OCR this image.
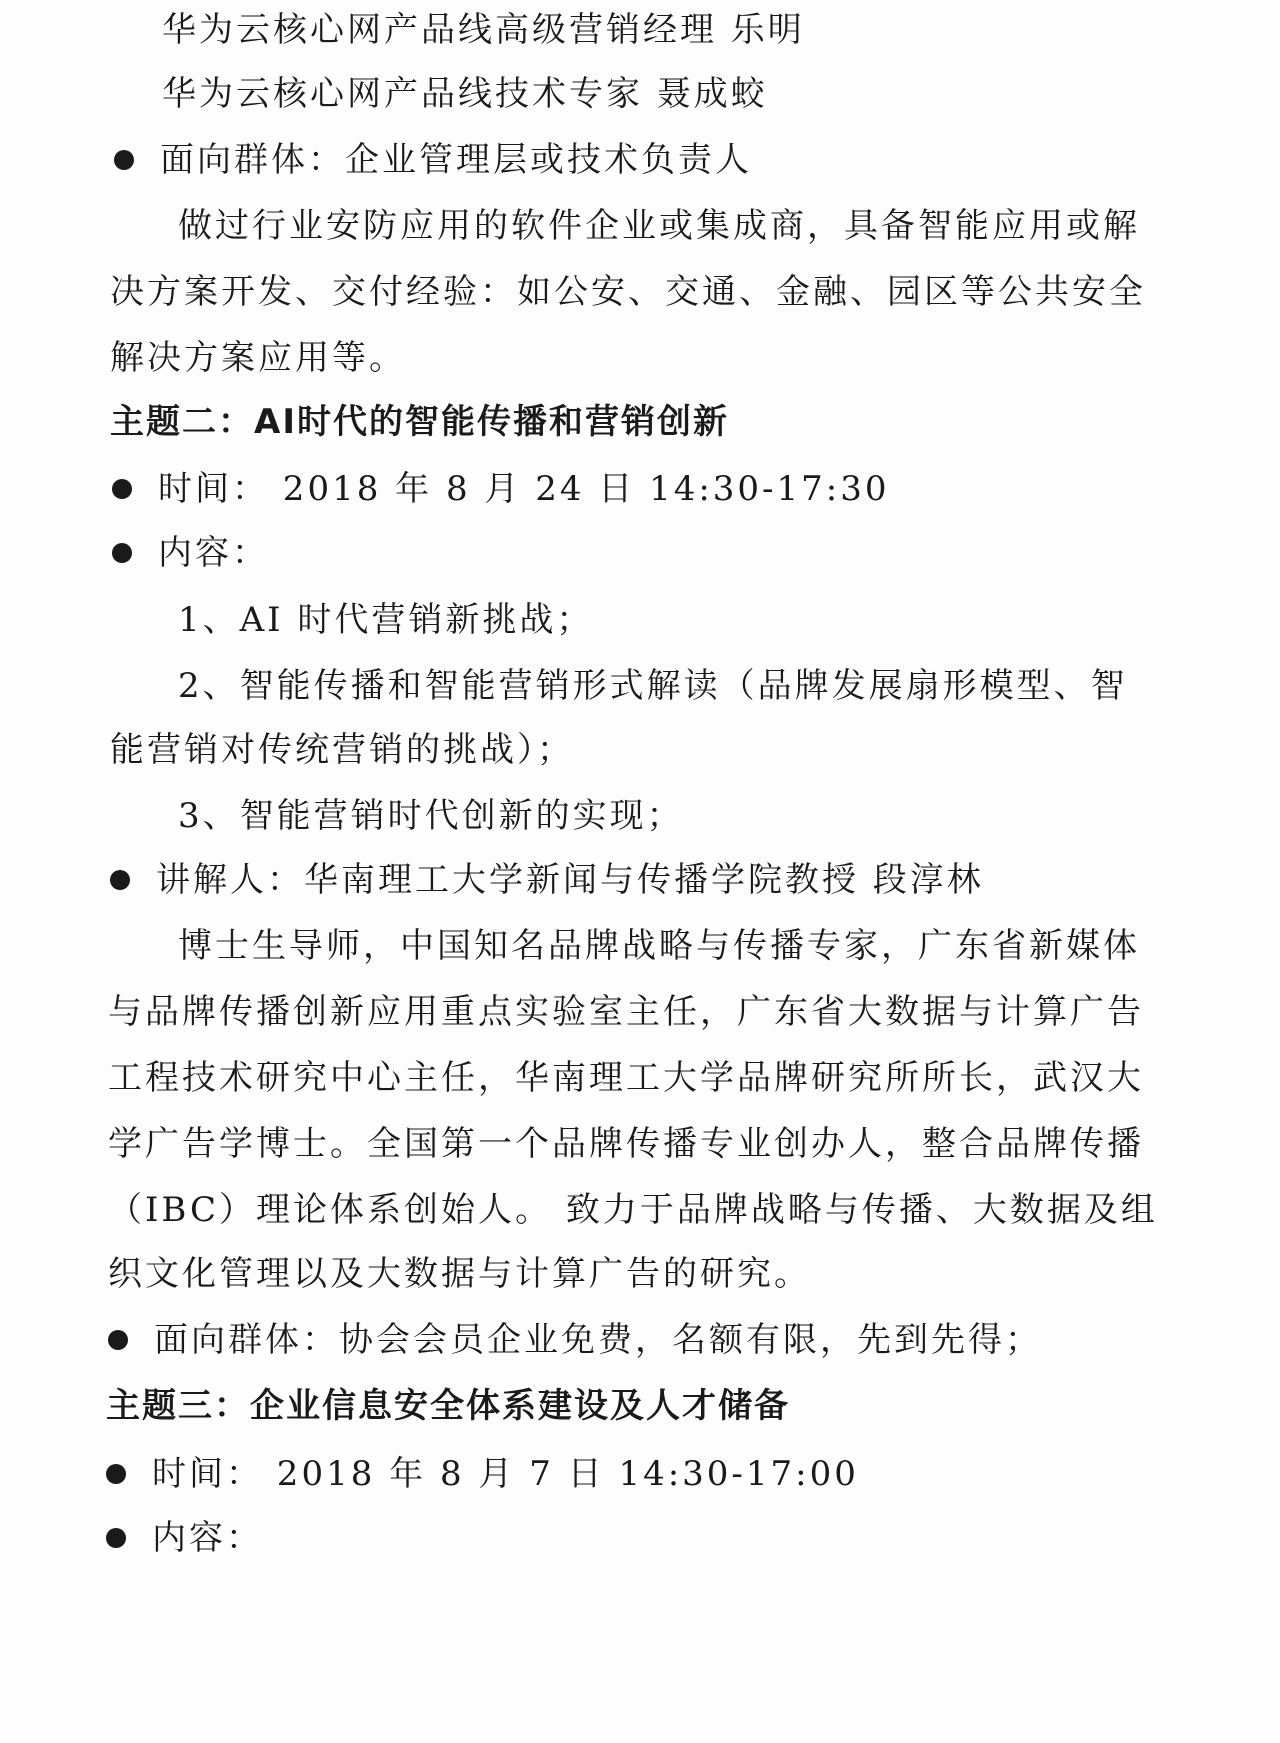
华为云核心网产品线高级营销经理 乐明
华为云核心网产品线技术专家 聂成蛟
面向群体：企业管理层或技术负责人
做过行业安防应用的软件企业或集成商，具备智能应用或解
决方案开发、交付经验：如公安、交通、金融、园区等公共安全
解决方案应用等。
主题二：AI时代的智能传播和营销创新
时间： 2018 年 8 月 24 日 14:30-17:30
内容：
1、AI 时代营销新挑战；
2、智能传播和智能营销形式解读（品牌发展扇形模型、智
能营销对传统营销的挑战）；
3、智能营销时代创新的实现；
讲解人：华南理工大学新闻与传播学院教授 段淳林
博士生导师，中国知名品牌战略与传播专家，广东省新媒体
与品牌传播创新应用重点实验室主任，广东省大数据与计算广告
工程技术研究中心主任，华南理工大学品牌研究所所长，武汉大
学广告学博士。全国第一个品牌传播专业创办人，整合品牌传播
（IBC）理论体系创始人。 致力于品牌战略与传播、大数据及组
织文化管理以及大数据与计算广告的研究。
面向群体：协会会员企业免费，名额有限，先到先得；
主题三：企业信息安全体系建设及人才储备
时间： 2018 年 8 月 7 日 14:30-17:00
内容：
